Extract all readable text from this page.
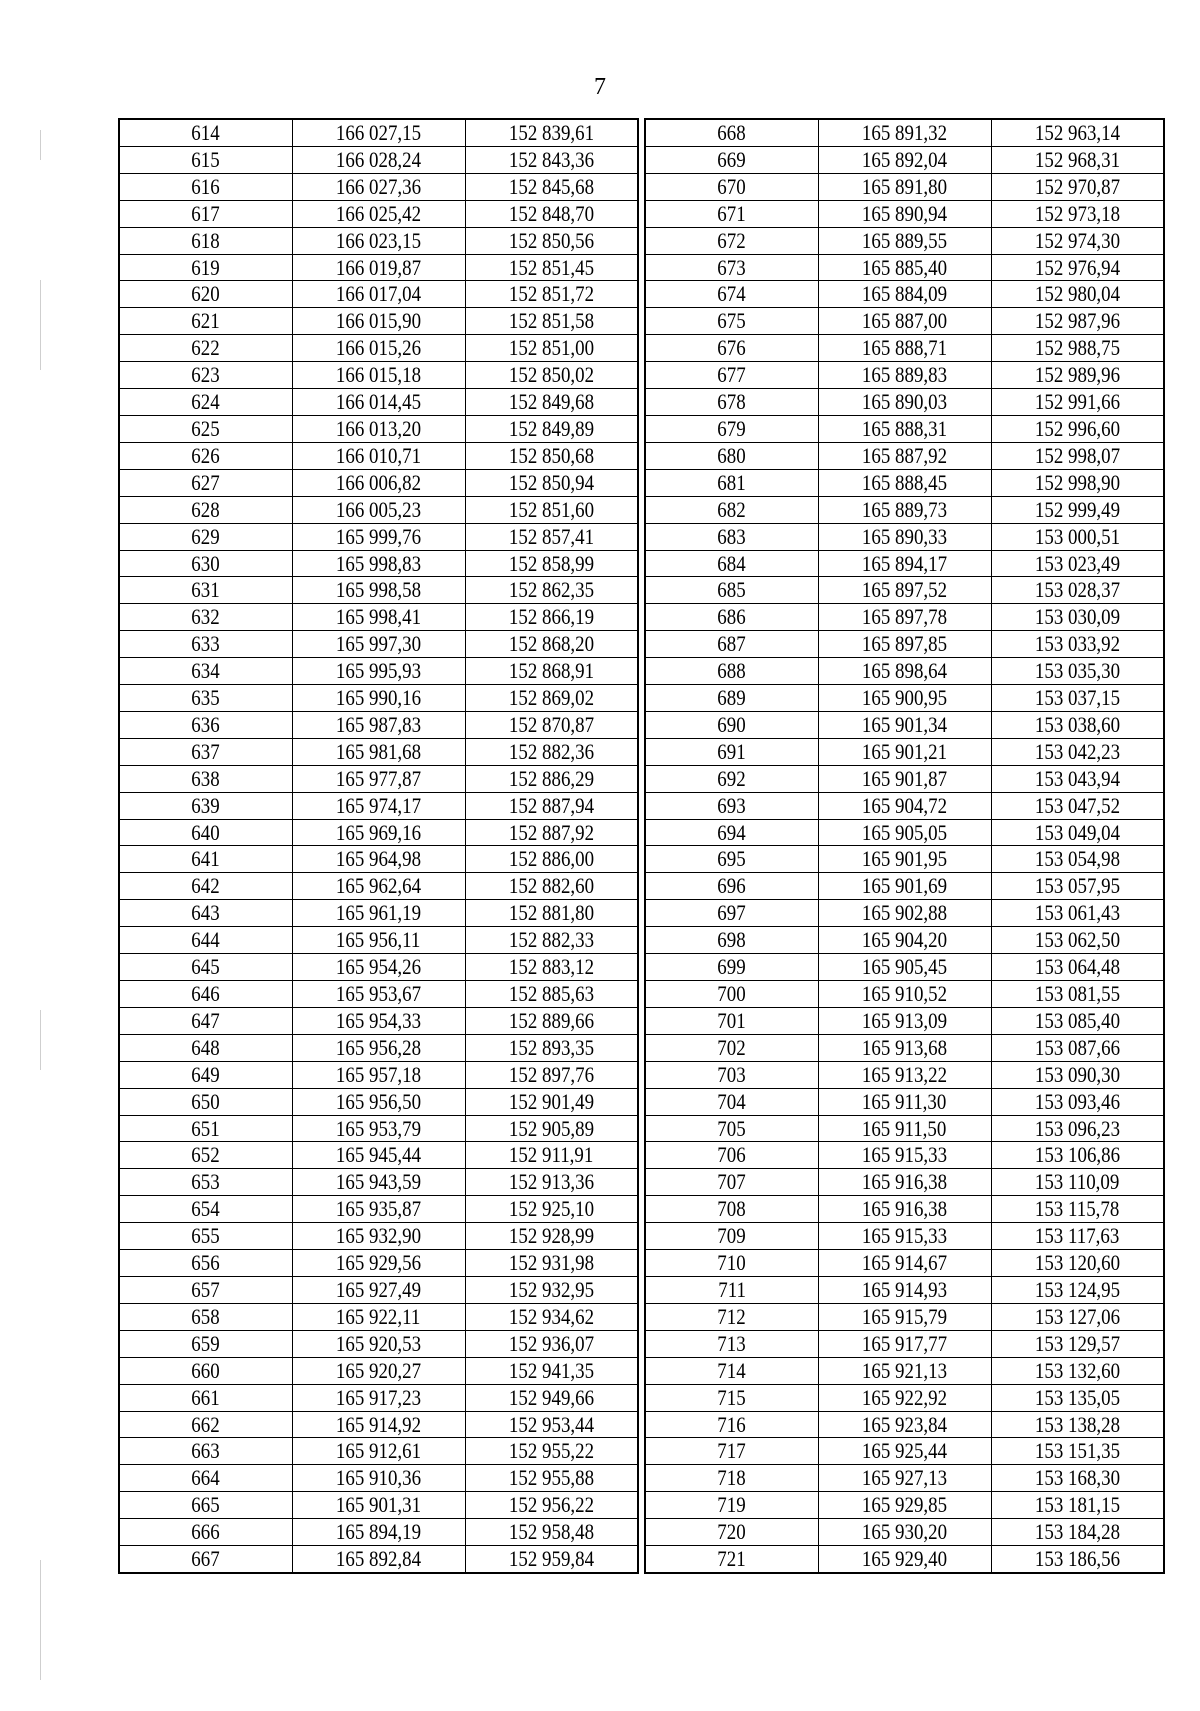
7
614	166 027,15	152 839,61
615	166 028,24	152 843,36
616	166 027,36	152 845,68
617	166 025,42	152 848,70
618	166 023,15	152 850,56
619	166 019,87	152 851,45
620	166 017,04	152 851,72
621	166 015,90	152 851,58
622	166 015,26	152 851,00
623	166 015,18	152 850,02
624	166 014,45	152 849,68
625	166 013,20	152 849,89
626	166 010,71	152 850,68
627	166 006,82	152 850,94
628	166 005,23	152 851,60
629	165 999,76	152 857,41
630	165 998,83	152 858,99
631	165 998,58	152 862,35
632	165 998,41	152 866,19
633	165 997,30	152 868,20
634	165 995,93	152 868,91
635	165 990,16	152 869,02
636	165 987,83	152 870,87
637	165 981,68	152 882,36
638	165 977,87	152 886,29
639	165 974,17	152 887,94
640	165 969,16	152 887,92
641	165 964,98	152 886,00
642	165 962,64	152 882,60
643	165 961,19	152 881,80
644	165 956,11	152 882,33
645	165 954,26	152 883,12
646	165 953,67	152 885,63
647	165 954,33	152 889,66
648	165 956,28	152 893,35
649	165 957,18	152 897,76
650	165 956,50	152 901,49
651	165 953,79	152 905,89
652	165 945,44	152 911,91
653	165 943,59	152 913,36
654	165 935,87	152 925,10
655	165 932,90	152 928,99
656	165 929,56	152 931,98
657	165 927,49	152 932,95
658	165 922,11	152 934,62
659	165 920,53	152 936,07
660	165 920,27	152 941,35
661	165 917,23	152 949,66
662	165 914,92	152 953,44
663	165 912,61	152 955,22
664	165 910,36	152 955,88
665	165 901,31	152 956,22
666	165 894,19	152 958,48
667	165 892,84	152 959,84
668	165 891,32	152 963,14
669	165 892,04	152 968,31
670	165 891,80	152 970,87
671	165 890,94	152 973,18
672	165 889,55	152 974,30
673	165 885,40	152 976,94
674	165 884,09	152 980,04
675	165 887,00	152 987,96
676	165 888,71	152 988,75
677	165 889,83	152 989,96
678	165 890,03	152 991,66
679	165 888,31	152 996,60
680	165 887,92	152 998,07
681	165 888,45	152 998,90
682	165 889,73	152 999,49
683	165 890,33	153 000,51
684	165 894,17	153 023,49
685	165 897,52	153 028,37
686	165 897,78	153 030,09
687	165 897,85	153 033,92
688	165 898,64	153 035,30
689	165 900,95	153 037,15
690	165 901,34	153 038,60
691	165 901,21	153 042,23
692	165 901,87	153 043,94
693	165 904,72	153 047,52
694	165 905,05	153 049,04
695	165 901,95	153 054,98
696	165 901,69	153 057,95
697	165 902,88	153 061,43
698	165 904,20	153 062,50
699	165 905,45	153 064,48
700	165 910,52	153 081,55
701	165 913,09	153 085,40
702	165 913,68	153 087,66
703	165 913,22	153 090,30
704	165 911,30	153 093,46
705	165 911,50	153 096,23
706	165 915,33	153 106,86
707	165 916,38	153 110,09
708	165 916,38	153 115,78
709	165 915,33	153 117,63
710	165 914,67	153 120,60
711	165 914,93	153 124,95
712	165 915,79	153 127,06
713	165 917,77	153 129,57
714	165 921,13	153 132,60
715	165 922,92	153 135,05
716	165 923,84	153 138,28
717	165 925,44	153 151,35
718	165 927,13	153 168,30
719	165 929,85	153 181,15
720	165 930,20	153 184,28
721	165 929,40	153 186,56
